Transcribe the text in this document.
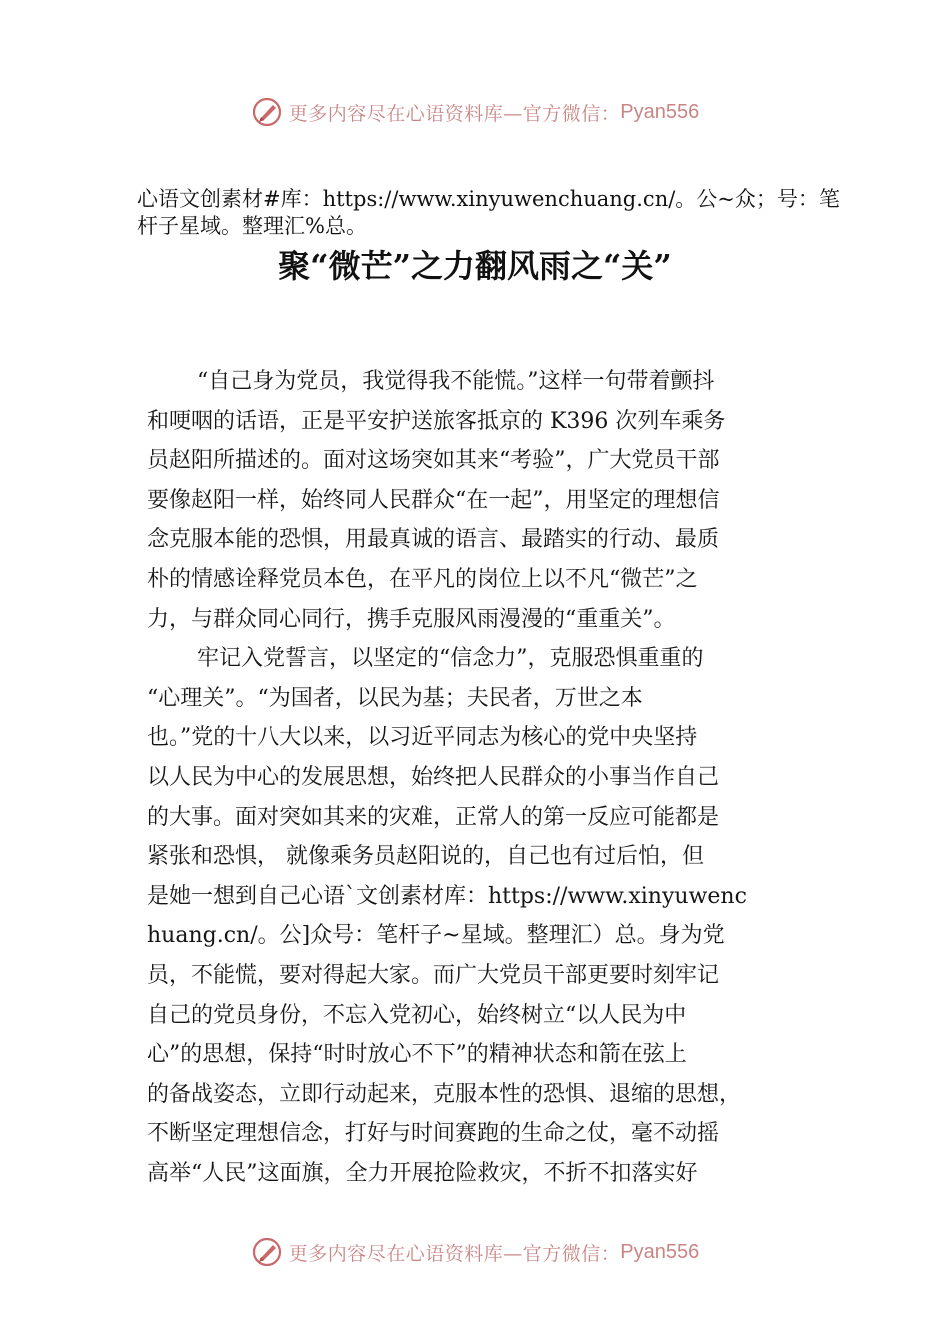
更多内容尽在心语资料库—官方微信： Pyan556
心语文创素材#库：https://www.xinyuwenchuang.cn/。公~众；号：笔杆子星域。整理汇%总。
聚“微芒”之力翻风雨之“关”
“自己身为党员，我觉得我不能慌。”这样一句带着颤抖
和哽咽的话语，正是平安护送旅客抵京的 K396 次列车乘务
员赵阳所描述的。面对这场突如其来“考验”，广大党员干部
要像赵阳一样，始终同人民群众“在一起”，用坚定的理想信
念克服本能的恐惧，用最真诚的语言、最踏实的行动、最质
朴的情感诠释党员本色，在平凡的岗位上以不凡“微芒”之
力，与群众同心同行，携手克服风雨漫漫的“重重关”。
牢记入党誓言，以坚定的“信念力”，克服恐惧重重的
“心理关”。“为国者，以民为基；夫民者，万世之本
也。”党的十八大以来，以习近平同志为核心的党中央坚持
以人民为中心的发展思想，始终把人民群众的小事当作自己
的大事。面对突如其来的灾难，正常人的第一反应可能都是
紧张和恐惧， 就像乘务员赵阳说的，自己也有过后怕，但
是她一想到自己心语`文创素材库：https://www.xinyuwenc
huang.cn/。公]众号：笔杆子~星域。整理汇）总。身为党
员，不能慌，要对得起大家。而广大党员干部更要时刻牢记
自己的党员身份，不忘入党初心，始终树立“以人民为中
心”的思想，保持“时时放心不下”的精神状态和箭在弦上
的备战姿态，立即行动起来，克服本性的恐惧、退缩的思想，
不断坚定理想信念，打好与时间赛跑的生命之仗，毫不动摇
高举“人民”这面旗，全力开展抢险救灾，不折不扣落实好
更多内容尽在心语资料库—官方微信： Pyan556
